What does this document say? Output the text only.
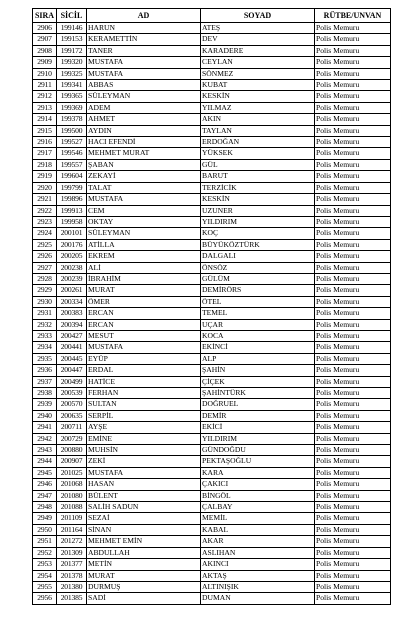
SIRA	SİCİL	AD	SOYAD	RÜTBE/UNVAN
2906	199146	HARUN	ATEŞ	Polis Memuru
2907	199153	KERAMETTİN	DEV	Polis Memuru
2908	199172	TANER	KARADERE	Polis Memuru
2909	199320	MUSTAFA	CEYLAN	Polis Memuru
2910	199325	MUSTAFA	SÖNMEZ	Polis Memuru
2911	199341	ABBAS	KUBAT	Polis Memuru
2912	199365	SÜLEYMAN	KESKİN	Polis Memuru
2913	199369	ADEM	YILMAZ	Polis Memuru
2914	199378	AHMET	AKIN	Polis Memuru
2915	199500	AYDIN	TAYLAN	Polis Memuru
2916	199527	HACI EFENDİ	ERDOĞAN	Polis Memuru
2917	199546	MEHMET MURAT	YÜKSEK	Polis Memuru
2918	199557	ŞABAN	GÜL	Polis Memuru
2919	199604	ZEKAYİ	BARUT	Polis Memuru
2920	199799	TALAT	TERZİCİK	Polis Memuru
2921	199896	MUSTAFA	KESKİN	Polis Memuru
2922	199913	CEM	UZUNER	Polis Memuru
2923	199958	OKTAY	YILDIRIM	Polis Memuru
2924	200101	SÜLEYMAN	KOÇ	Polis Memuru
2925	200176	ATİLLA	BÜYÜKÖZTÜRK	Polis Memuru
2926	200205	EKREM	DALGALI	Polis Memuru
2927	200238	ALİ	ÖNSÖZ	Polis Memuru
2928	200239	İBRAHİM	GÜLÜM	Polis Memuru
2929	200261	MURAT	DEMİRÖRS	Polis Memuru
2930	200334	ÖMER	ÖTEL	Polis Memuru
2931	200383	ERCAN	TEMEL	Polis Memuru
2932	200394	ERCAN	UÇAR	Polis Memuru
2933	200427	MESUT	KOCA	Polis Memuru
2934	200441	MUSTAFA	EKİNCİ	Polis Memuru
2935	200445	EYÜP	ALP	Polis Memuru
2936	200447	ERDAL	ŞAHİN	Polis Memuru
2937	200499	HATİCE	ÇİÇEK	Polis Memuru
2938	200539	FERHAN	ŞAHİNTÜRK	Polis Memuru
2939	200570	SULTAN	DOĞRUEL	Polis Memuru
2940	200635	SERPİL	DEMİR	Polis Memuru
2941	200711	AYŞE	EKİCİ	Polis Memuru
2942	200729	EMİNE	YILDIRIM	Polis Memuru
2943	200880	MUHSİN	GÜNDOĞDU	Polis Memuru
2944	200907	ZEKİ	PEKTAŞOĞLU	Polis Memuru
2945	201025	MUSTAFA	KARA	Polis Memuru
2946	201068	HASAN	ÇAKICI	Polis Memuru
2947	201080	BÜLENT	BİNGÖL	Polis Memuru
2948	201088	SALİH SADUN	ÇALBAY	Polis Memuru
2949	201109	SEZAİ	MEMİL	Polis Memuru
2950	201164	SİNAN	KABAL	Polis Memuru
2951	201272	MEHMET EMİN	AKAR	Polis Memuru
2952	201309	ABDULLAH	ASLIHAN	Polis Memuru
2953	201377	METİN	AKINCI	Polis Memuru
2954	201378	MURAT	AKTAŞ	Polis Memuru
2955	201380	DURMUŞ	ALTINIŞIK	Polis Memuru
2956	201385	SADİ	DUMAN	Polis Memuru
